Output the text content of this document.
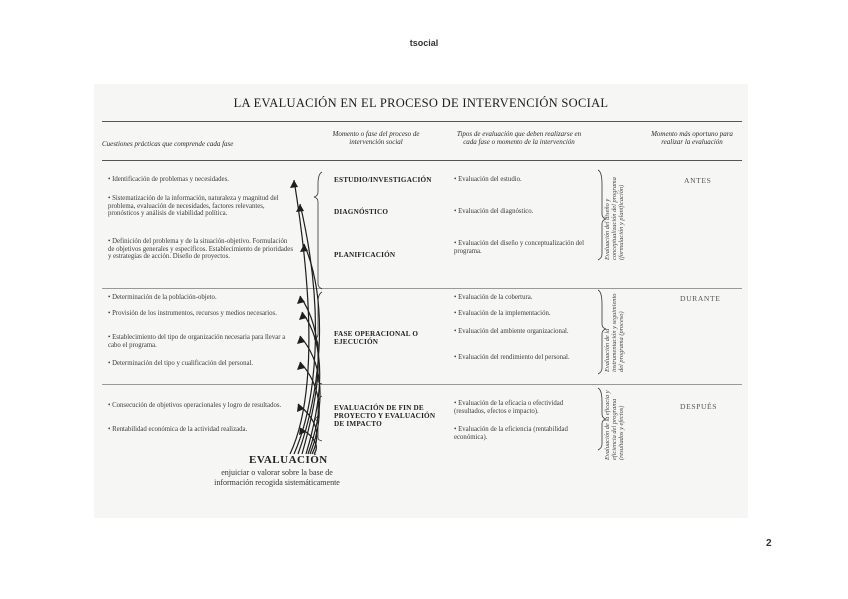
tsocial
LA EVALUACIÓN EN EL PROCESO DE INTERVENCIÓN SOCIAL
Cuestiones prácticas que comprende cada fase
Momento o fase del proceso de intervención social
Tipos de evaluación que deben realizarse en cada fase o momento de la intervención
Momento más oportuno para realizar la evaluación
• Identificación de problemas y necesidades.
• Sistematización de la información, naturaleza y magnitud del problema, evaluación de necesidades, factores relevantes, pronósticos y análisis de viabilidad política.
• Definición del problema y de la situación-objetivo. Formulación de objetivos generales y específicos. Establecimiento de prioridades y estrategias de acción. Diseño de proyectos.
• Determinación de la población-objeto.
• Provisión de los instrumentos, recursos y medios necesarios.
• Establecimiento del tipo de organización necesaria para llevar a cabo el programa.
• Determinación del tipo y cualificación del personal.
• Consecución de objetivos operacionales y logro de resultados.
• Rentabilidad económica de la actividad realizada.
ESTUDIO/INVESTIGACIÓN
DIAGNÓSTICO
PLANIFICACIÓN
FASE OPERACIONAL O EJECUCIÓN
EVALUACIÓN DE FIN DE PROYECTO Y EVALUACIÓN DE IMPACTO
• Evaluación del estudio.
• Evaluación del diagnóstico.
• Evaluación del diseño y conceptualización del programa.
• Evaluación de la cobertura.
• Evaluación de la implementación.
• Evaluación del ambiente organizacional.
• Evaluación del rendimiento del personal.
• Evaluación de la eficacia o efectividad (resultados, efectos e impacto).
• Evaluación de la eficiencia (rentabilidad económica).
Evaluación del diseño y conceptualización del programa (formulación y planificación)
Evaluación de la instrumentación y seguimiento del programa (proceso)
Evaluación de la eficacia y eficiencia del programa (resultados y efectos)
ANTES
DURANTE
DESPUÉS
EVALUACIÓN
enjuiciar o valorar sobre la base de información recogida sistemáticamente
2
